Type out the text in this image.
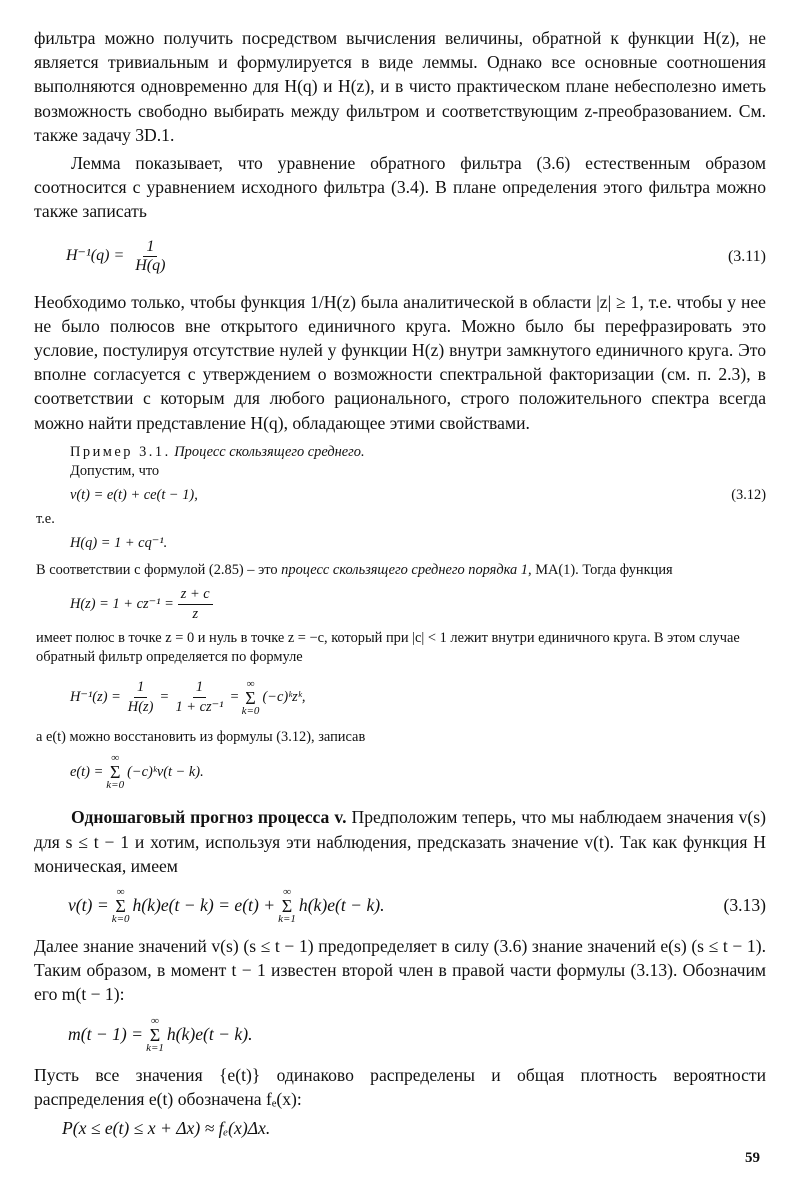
фильтра можно получить посредством вычисления величины, обратной к функции H(z), не является тривиальным и формулируется в виде леммы. Однако все основные соотношения выполняются одновременно для H(q) и H(z), и в чисто практическом плане небесполезно иметь возможность свободно выбирать между фильтром и соответствующим z-преобразованием. См. также задачу 3D.1.

Лемма показывает, что уравнение обратного фильтра (3.6) естественным образом соотносится с уравнением исходного фильтра (3.4). В плане определения этого фильтра можно также записать

$H^{-1}(q) = \frac{1}{H(q)}$	(3.11)

Необходимо только, чтобы функция 1/H(z) была аналитической в области |z| ≥ 1, т.е. чтобы у нее не было полюсов вне открытого единичного круга. Можно было бы перефразировать это условие, постулируя отсутствие нулей у функции H(z) внутри замкнутого единичного круга. Это вполне согласуется с утверждением о возможности спектральной факторизации (см. п. 2.3), в соответствии с которым для любого рационального, строго положительного спектра всегда можно найти представление H(q), обладающее этими свойствами.

Пример 3.1. Процесс скользящего среднего.

Допустим, что

v(t) = e(t) + ce(t − 1),	(3.12)

т.е.

H(q) = 1 + cq⁻¹.

В соответствии с формулой (2.85) – это процесс скользящего среднего порядка 1, MA(1). Тогда функция

$H(z) = 1 + cz^{-1} = \frac{z + c}{z}$

имеет полюс в точке z = 0 и нуль в точке z = −c, который при |c| < 1 лежит внутри единичного круга. В этом случае обратный фильтр определяется по формуле

$H^{-1}(z) = \frac{1}{H(z)} = \frac{1}{\text{1 + cz⁻¹}}$ =
∞
Σ
k=0
(−c)ᵏzᵏ,

а e(t) можно восстановить из формулы (3.12), записав

e(t) =
∞
Σ
k=0
(−c)ᵏv(t − k).

Одношаговый прогноз процесса v. Предположим теперь, что мы наблюдаем значения v(s) для s ≤ t − 1 и хотим, используя эти наблюдения, предсказать значение v(t). Так как функция H моническая, имеем

v(t) =
∞
Σ
k=0
h(k)e(t − k) = e(t) +
∞
Σ
k=1
h(k)e(t − k).	(3.13)

Далее знание значений v(s) (s ≤ t − 1) предопределяет в силу (3.6) знание значений e(s) (s ≤ t − 1). Таким образом, в момент t − 1 известен второй член в правой части формулы (3.13). Обозначим его m(t − 1):

m(t − 1) =
∞
Σ
k=1
h(k)e(t − k).

Пусть все значения {e(t)} одинаково распределены и общая плотность вероятности распределения e(t) обозначена fₑ(x):

P(x ≤ e(t) ≤ x + Δx) ≈ fₑ(x)Δx.
59
